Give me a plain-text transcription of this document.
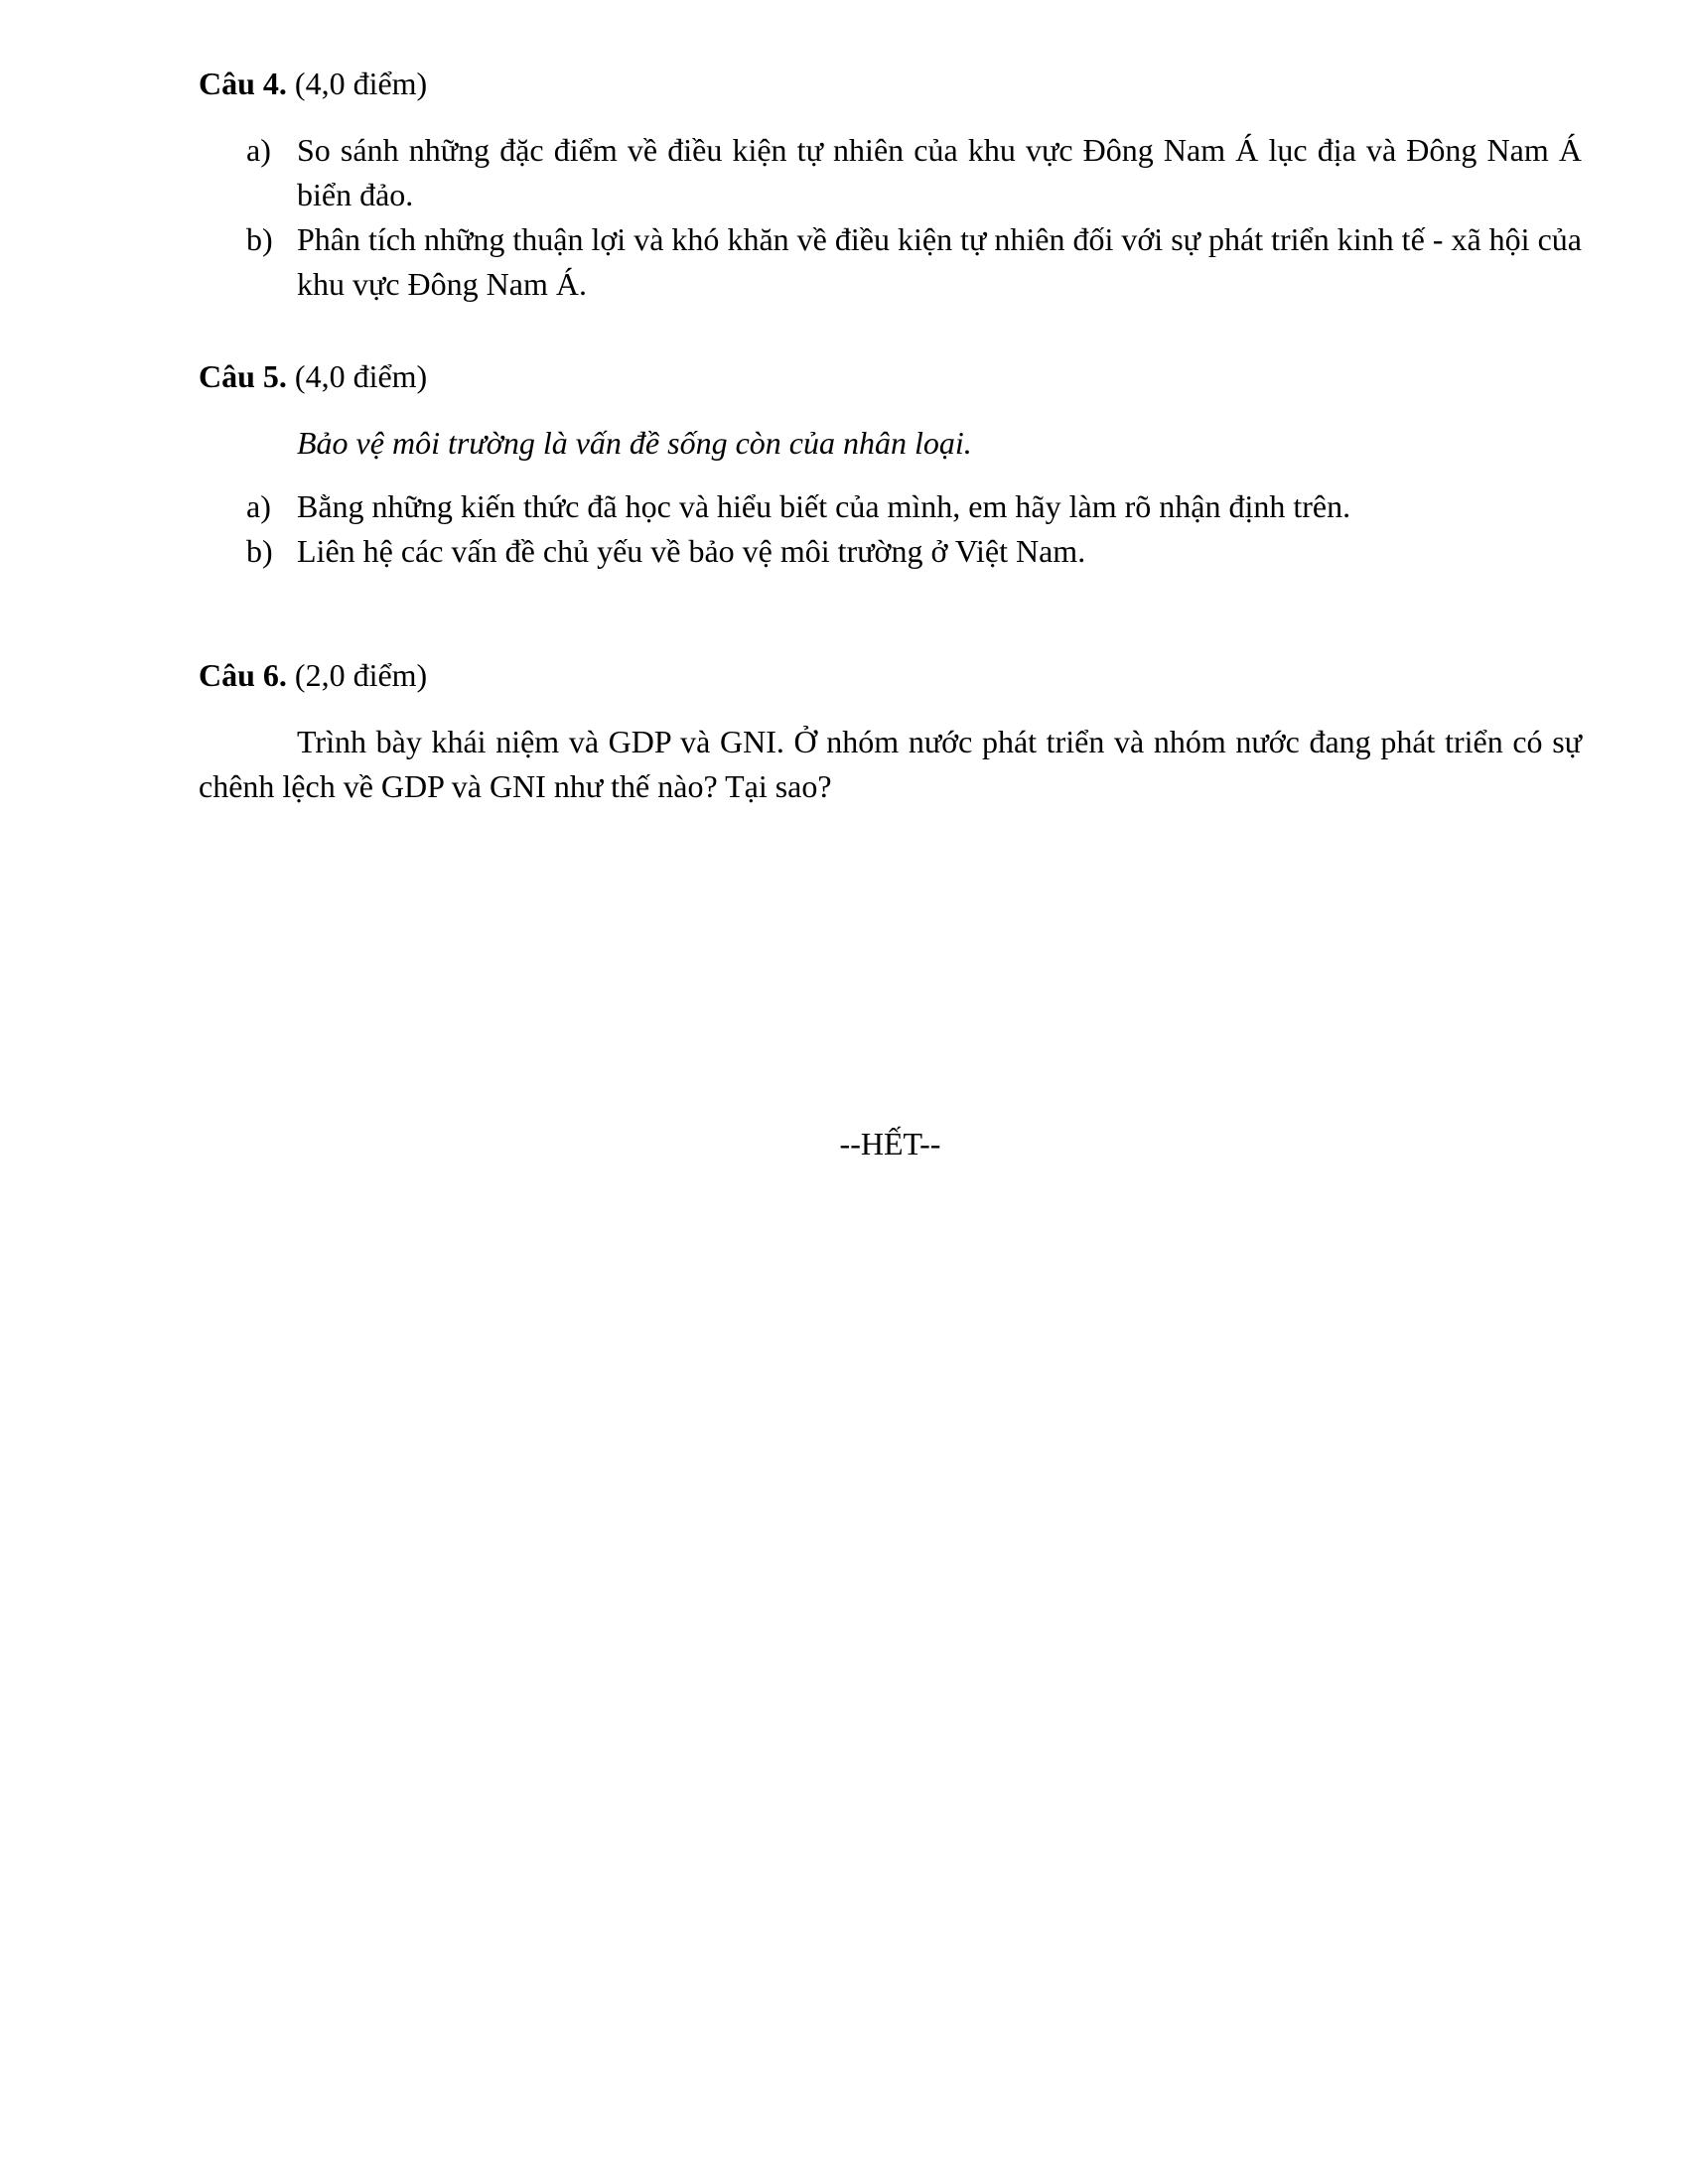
Câu 4. (4,0 điểm)

a) So sánh những đặc điểm về điều kiện tự nhiên của khu vực Đông Nam Á lục địa và Đông Nam Á biển đảo.
b) Phân tích những thuận lợi và khó khăn về điều kiện tự nhiên đối với sự phát triển kinh tế - xã hội của khu vực Đông Nam Á.

Câu 5. (4,0 điểm)

Bảo vệ môi trường là vấn đề sống còn của nhân loại.

a) Bằng những kiến thức đã học và hiểu biết của mình, em hãy làm rõ nhận định trên.
b) Liên hệ các vấn đề chủ yếu về bảo vệ môi trường ở Việt Nam.

Câu 6. (2,0 điểm)

Trình bày khái niệm và GDP và GNI. Ở nhóm nước phát triển và nhóm nước đang phát triển có sự chênh lệch về GDP và GNI như thế nào? Tại sao?

--HẾT--
